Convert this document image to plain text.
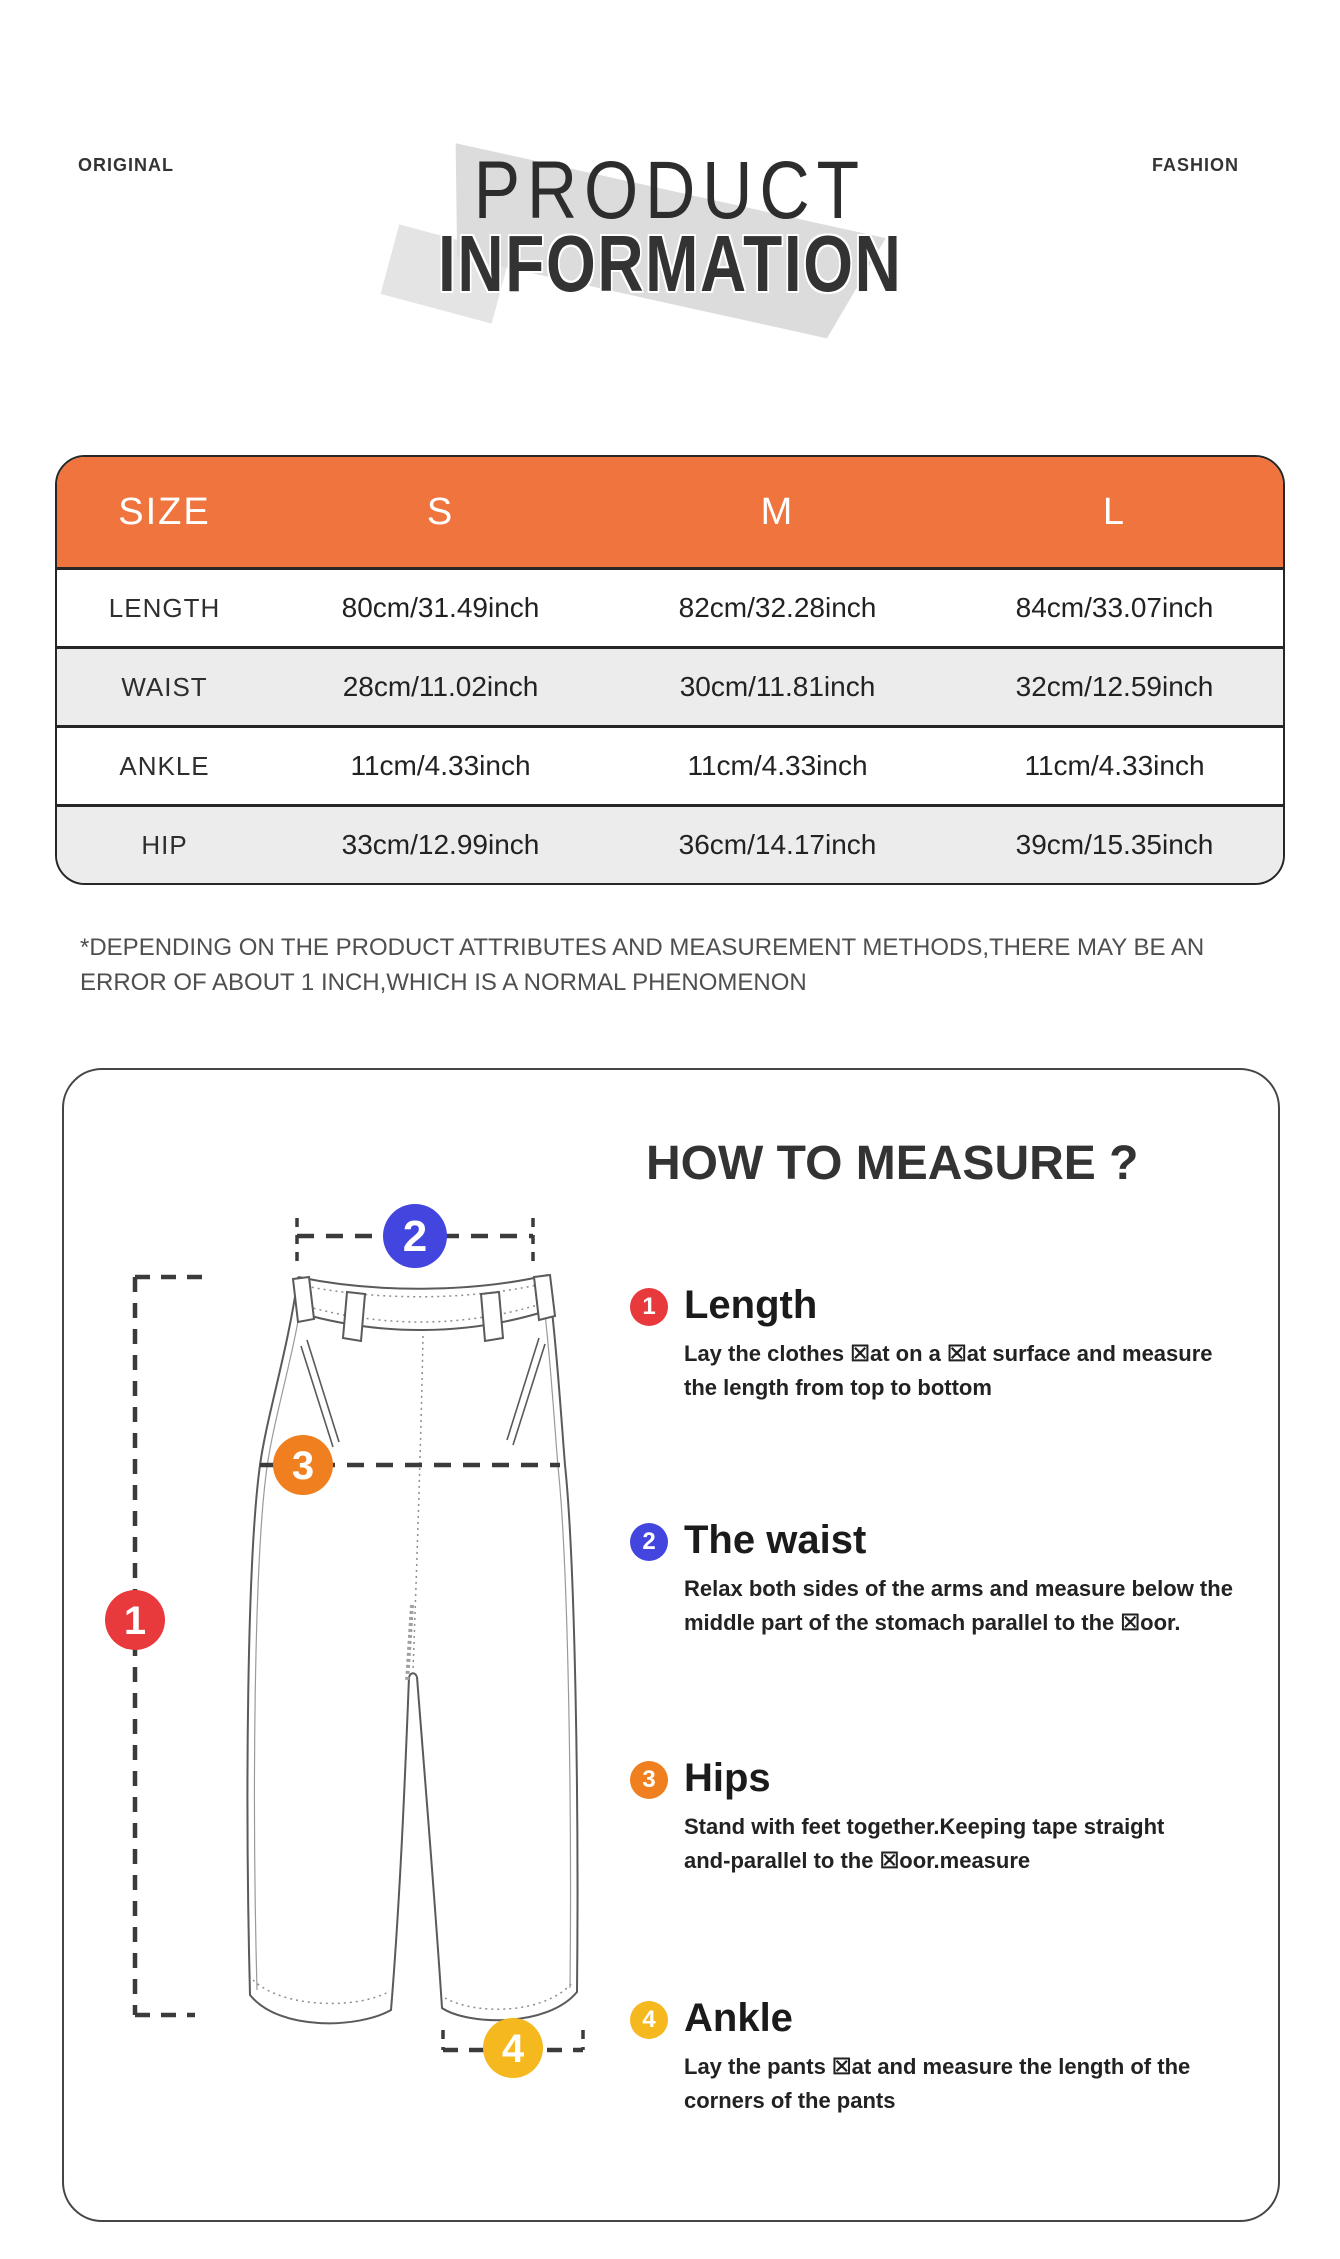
ORIGINAL	FASHION
PRODUCT
INFORMATION
SIZE	S	M	L
LENGTH	80cm/31.49inch	82cm/32.28inch	84cm/33.07inch
WAIST	28cm/11.02inch	30cm/11.81inch	32cm/12.59inch
ANKLE	11cm/4.33inch	11cm/4.33inch	11cm/4.33inch
HIP	33cm/12.99inch	36cm/14.17inch	39cm/15.35inch
*DEPENDING ON THE PRODUCT ATTRIBUTES AND MEASUREMENT METHODS,THERE MAY BE AN
ERROR OF ABOUT 1 INCH,WHICH IS A NORMAL PHENOMENON
HOW TO MEASURE ?
2
1
3
4
1 Length
Lay the clothes ☒at on a ☒at surface and measure
the length from top to bottom
2 The waist
Relax both sides of the arms and measure below the
middle part of the stomach parallel to the ☒oor.
3 Hips
Stand with feet together.Keeping tape straight
and-parallel to the ☒oor.measure
4 Ankle
Lay the pants ☒at and measure the length of the
corners of the pants
